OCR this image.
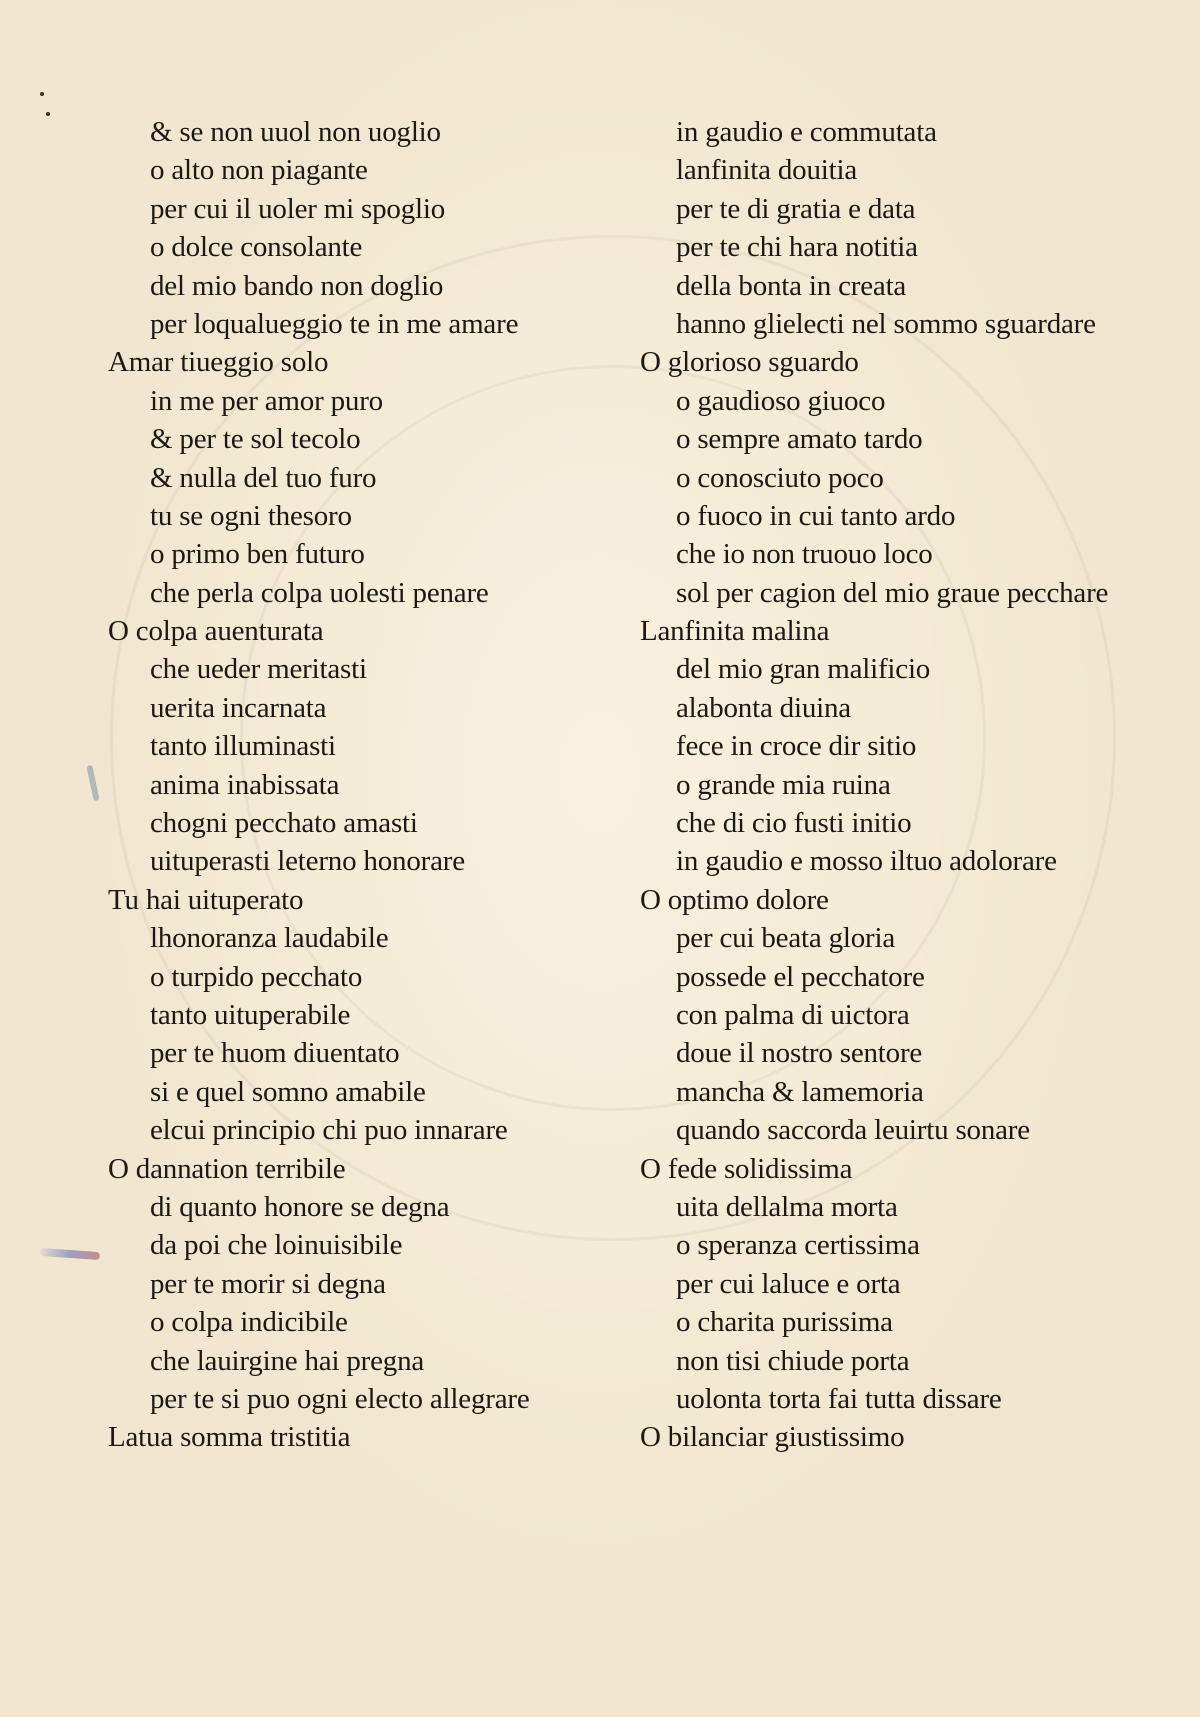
& se non uuol non uoglio
o alto non piagante
per cui il uoler mi spoglio
o dolce consolante
del mio bando non doglio
per loqualueggio te in me amare
Amar tiueggio solo
in me per amor puro
& per te sol tecolo
& nulla del tuo furo
tu se ogni thesoro
o primo ben futuro
che perla colpa uolesti penare
O colpa auenturata
che ueder meritasti
uerita incarnata
tanto illuminasti
anima inabissata
chogni pecchato amasti
uituperasti leterno honorare
Tu hai uituperato
lhonoranza laudabile
o turpido pecchato
tanto uituperabile
per te huom diuentato
si e quel somno amabile
elcui principio chi puo innarare
O dannation terribile
di quanto honore se degna
da poi che loinuisibile
per te morir si degna
o colpa indicibile
che lauirgine hai pregna
per te si puo ogni electo allegrare
Latua somma tristitia
in gaudio e commutata
lanfinita douitia
per te di gratia e data
per te chi hara notitia
della bonta in creata
hanno glielecti nel sommo sguardare
O glorioso sguardo
o gaudioso giuoco
o sempre amato tardo
o conosciuto poco
o fuoco in cui tanto ardo
che io non truouo loco
sol per cagion del mio graue pecchare
Lanfinita malina
del mio gran malificio
alabonta diuina
fece in croce dir sitio
o grande mia ruina
che di cio fusti initio
in gaudio e mosso iltuo adolorare
O optimo dolore
per cui beata gloria
possede el pecchatore
con palma di uictora
doue il nostro sentore
mancha & lamemoria
quando saccorda leuirtu sonare
O fede solidissima
uita dellalma morta
o speranza certissima
per cui laluce e orta
o charita purissima
non tisi chiude porta
uolonta torta fai tutta dissare
O bilanciar giustissimo
